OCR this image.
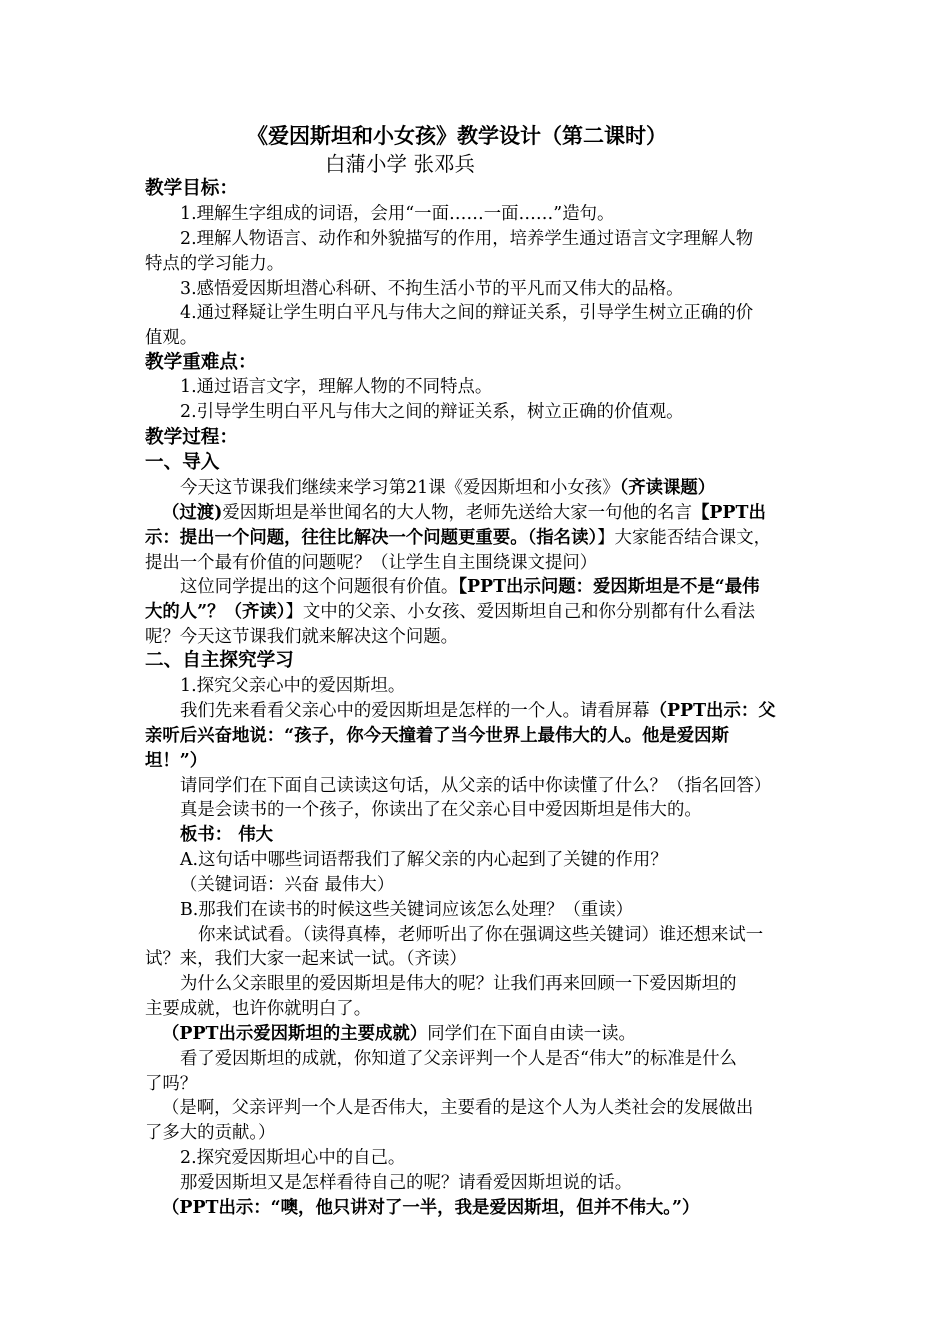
《爱因斯坦和小女孩》教学设计（第二课时）
白蒲小学 张邓兵
教学目标：
1.理解生字组成的词语，会用“一面……一面……”造句。
2.理解人物语言、动作和外貌描写的作用，培养学生通过语言文字理解人物
特点的学习能力。
3.感悟爱因斯坦潜心科研、不拘生活小节的平凡而又伟大的品格。
4.通过释疑让学生明白平凡与伟大之间的辩证关系，引导学生树立正确的价
值观。
教学重难点：
1.通过语言文字，理解人物的不同特点。
2.引导学生明白平凡与伟大之间的辩证关系，树立正确的价值观。
教学过程：
一、导入
今天这节课我们继续来学习第21课《爱因斯坦和小女孩》（齐读课题）
（过渡)爱因斯坦是举世闻名的大人物，老师先送给大家一句他的名言【PPT出
示：提出一个问题，往往比解决一个问题更重要。（指名读）】大家能否结合课文，
提出一个最有价值的问题呢？（让学生自主围绕课文提问）
这位同学提出的这个问题很有价值。【PPT出示问题：爱因斯坦是不是“最伟
大的人”？（齐读）】文中的父亲、小女孩、爱因斯坦自己和你分别都有什么看法
呢？今天这节课我们就来解决这个问题。
二、自主探究学习
1.探究父亲心中的爱因斯坦。
我们先来看看父亲心中的爱因斯坦是怎样的一个人。请看屏幕（PPT出示：父
亲听后兴奋地说：“孩子，你今天撞着了当今世界上最伟大的人。他是爱因斯
坦！”）
请同学们在下面自己读读这句话，从父亲的话中你读懂了什么？（指名回答）
真是会读书的一个孩子，你读出了在父亲心目中爱因斯坦是伟大的。
板书： 伟大
A.这句话中哪些词语帮我们了解父亲的内心起到了关键的作用？
（关键词语：兴奋 最伟大）
B.那我们在读书的时候这些关键词应该怎么处理？（重读）
你来试试看。（读得真棒，老师听出了你在强调这些关键词）谁还想来试一
试？来，我们大家一起来试一试。（齐读）
为什么父亲眼里的爱因斯坦是伟大的呢？让我们再来回顾一下爱因斯坦的
主要成就，也许你就明白了。
（PPT出示爱因斯坦的主要成就）同学们在下面自由读一读。
看了爱因斯坦的成就，你知道了父亲评判一个人是否“伟大”的标准是什么
了吗？
（是啊，父亲评判一个人是否伟大，主要看的是这个人为人类社会的发展做出
了多大的贡献。）
2.探究爱因斯坦心中的自己。
那爱因斯坦又是怎样看待自己的呢？请看爱因斯坦说的话。
（PPT出示：“噢，他只讲对了一半，我是爱因斯坦，但并不伟大。”）
